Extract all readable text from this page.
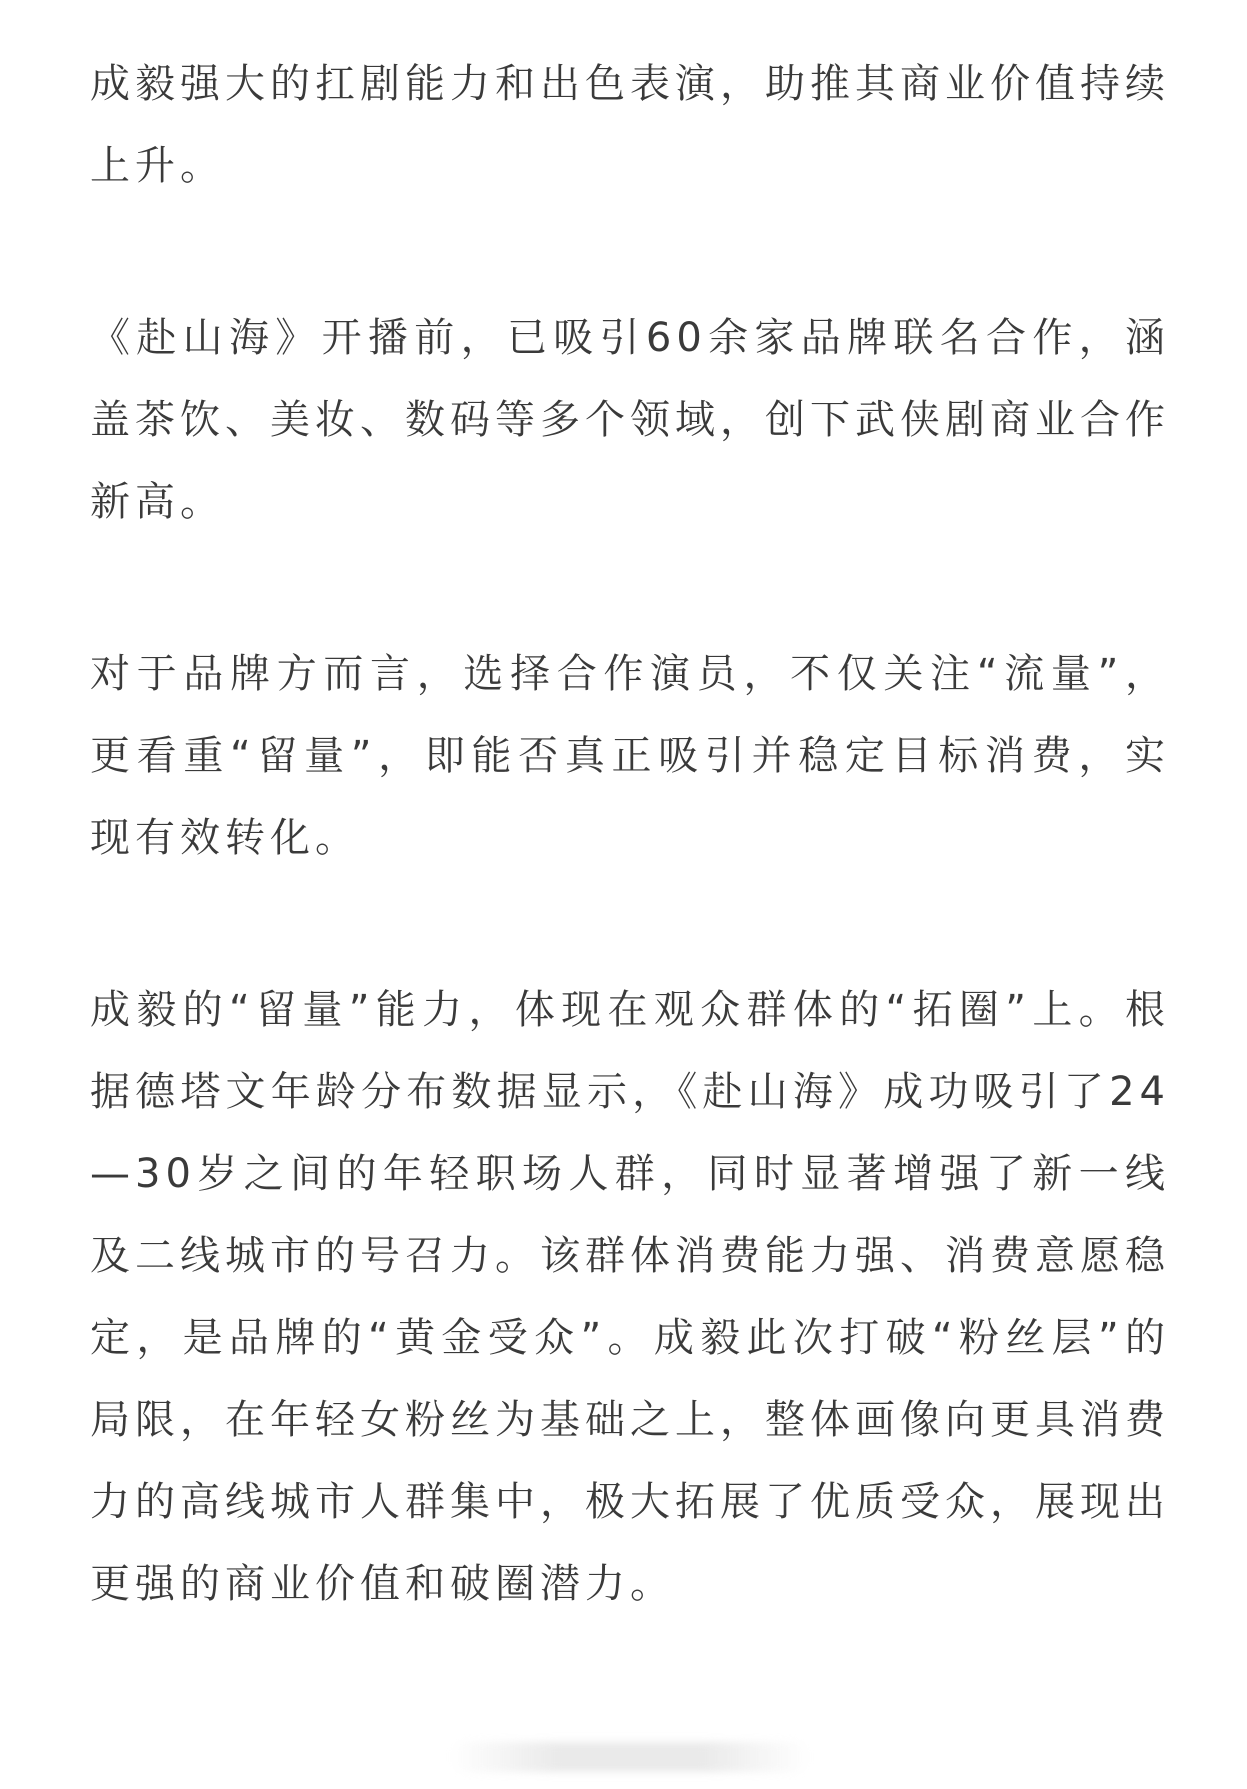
成毅强大的扛剧能力和出色表演，助推其商业价值持续上升。

《赴山海》开播前，已吸引60余家品牌联名合作，涵盖茶饮、美妆、数码等多个领域，创下武侠剧商业合作新高。

对于品牌方而言，选择合作演员，不仅关注“流量”，更看重“留量”，即能否真正吸引并稳定目标消费，实现有效转化。

成毅的“留量”能力，体现在观众群体的“拓圈”上。根据德塔文年龄分布数据显示，《赴山海》成功吸引了24—30岁之间的年轻职场人群，同时显著增强了新一线及二线城市的号召力。该群体消费能力强、消费意愿稳定，是品牌的“黄金受众”。成毅此次打破“粉丝层”的局限，在年轻女粉丝为基础之上，整体画像向更具消费力的高线城市人群集中，极大拓展了优质受众，展现出更强的商业价值和破圈潜力。
